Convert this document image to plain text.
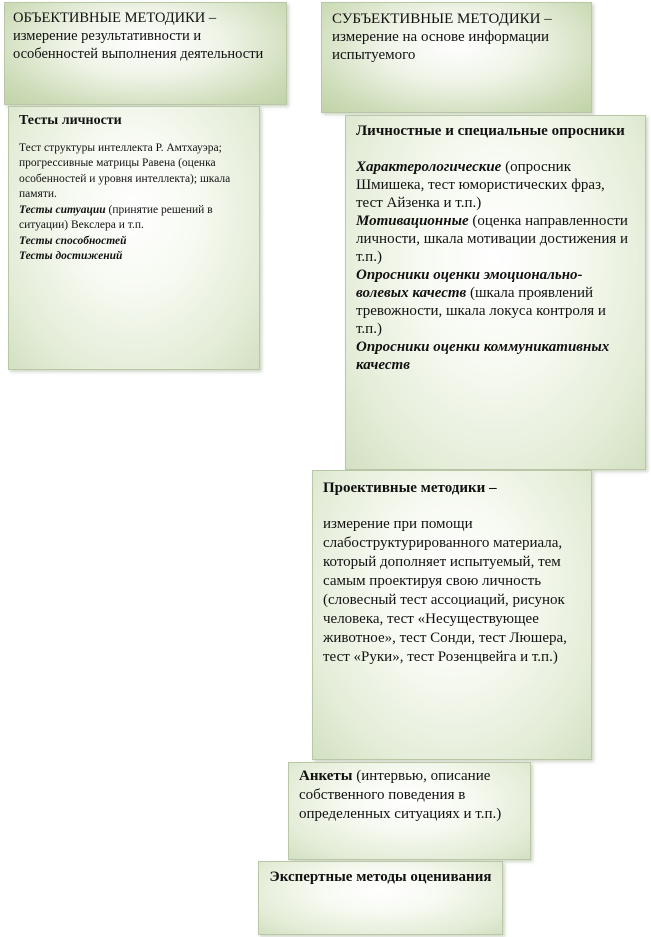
ОБЪЕКТИВНЫЕ МЕТОДИКИ – измерение результативности и особенностей выполнения деятельности

СУБЪЕКТИВНЫЕ МЕТОДИКИ – измерение на основе информации испытуемого

Тесты личности

Тест структуры интеллекта Р. Амтхауэра; прогрессивные матрицы Равена (оценка особенностей и уровня интеллекта); шкала памяти.

Тесты ситуации (принятие решений в ситуации) Векслера и т.п.

Тесты способностей

Тесты достижений

Личностные и специальные опросники

Характерологические (опросник Шмишека, тест юмористических фраз, тест Айзенка и т.п.)

Мотивационные (оценка направленности личности, шкала мотивации достижения и т.п.)

Опросники оценки эмоционально-волевых качеств (шкала проявлений тревожности, шкала локуса контроля и т.п.)

Опросники оценки коммуникативных качеств

Проективные методики –

измерение при помощи слабоструктурированного материала, который дополняет испытуемый, тем самым проектируя свою личность (словесный тест ассоциаций, рисунок человека, тест «Несуществующее животное», тест Сонди, тест Люшера, тест «Руки», тест Розенцвейга и т.п.)

Анкеты (интервью, описание собственного поведения в определенных ситуациях и т.п.)

Экспертные методы оценивания
